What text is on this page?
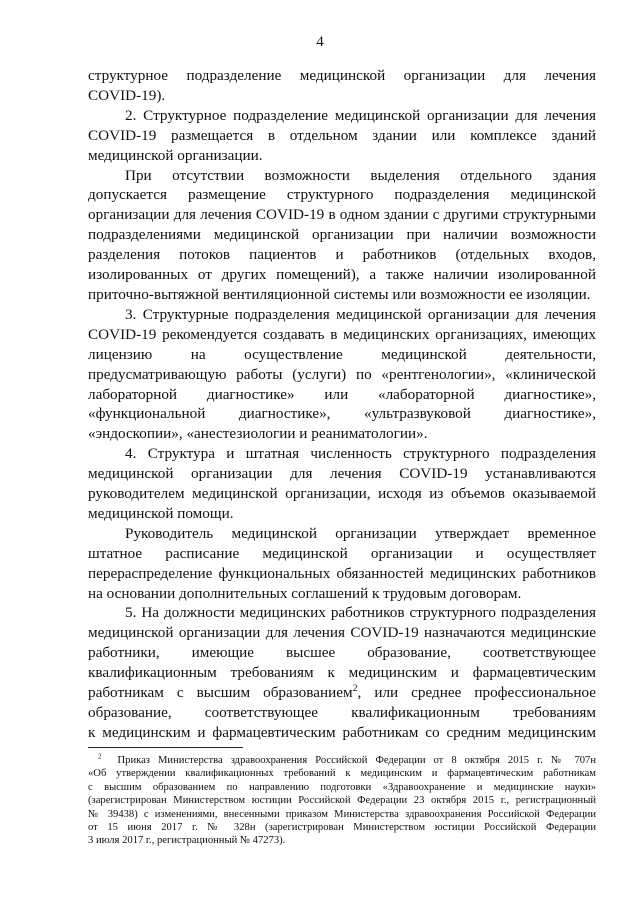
4
структурное подразделение медицинской организации для лечения
COVID-19).
2. Структурное подразделение медицинской организации для лечения
COVID-19 размещается в отдельном здании или комплексе зданий
медицинской организации.
При отсутствии возможности выделения отдельного здания
допускается размещение структурного подразделения медицинской
организации для лечения COVID-19 в одном здании с другими структурными
подразделениями медицинской организации при наличии возможности
разделения потоков пациентов и работников (отдельных входов,
изолированных от других помещений), а также наличии изолированной
приточно-вытяжной вентиляционной системы или возможности ее изоляции.
3. Структурные подразделения медицинской организации для лечения
COVID-19 рекомендуется создавать в медицинских организациях, имеющих
лицензию на осуществление медицинской деятельности,
предусматривающую работы (услуги) по «рентгенологии», «клинической
лабораторной диагностике» или «лабораторной диагностике»,
«функциональной диагностике», «ультразвуковой диагностике»,
«эндоскопии», «анестезиологии и реаниматологии».
4. Структура и штатная численность структурного подразделения
медицинской организации для лечения COVID-19 устанавливаются
руководителем медицинской организации, исходя из объемов оказываемой
медицинской помощи.
Руководитель медицинской организации утверждает временное
штатное расписание медицинской организации и осуществляет
перераспределение функциональных обязанностей медицинских работников
на основании дополнительных соглашений к трудовым договорам.
5. На должности медицинских работников структурного подразделения
медицинской организации для лечения COVID-19 назначаются медицинские
работники, имеющие высшее образование, соответствующее
квалификационным требованиям к медицинским и фармацевтическим
работникам с высшим образованием$^2$, или среднее профессиональное
образование, соответствующее квалификационным требованиям
к медицинским и фармацевтическим работникам со средним медицинским
$^2$ Приказ Министерства здравоохранения Российской Федерации от 8 октября 2015 г. № 707н
«Об утверждении квалификационных требований к медицинским и фармацевтическим работникам
с высшим образованием по направлению подготовки «Здравоохранение и медицинские науки»
(зарегистрирован Министерством юстиции Российской Федерации 23 октября 2015 г., регистрационный
№ 39438) с изменениями, внесенными приказом Министерства здравоохранения Российской Федерации
от 15 июня 2017 г. № 328н (зарегистрирован Министерством юстиции Российской Федерации
3 июля 2017 г., регистрационный № 47273).
